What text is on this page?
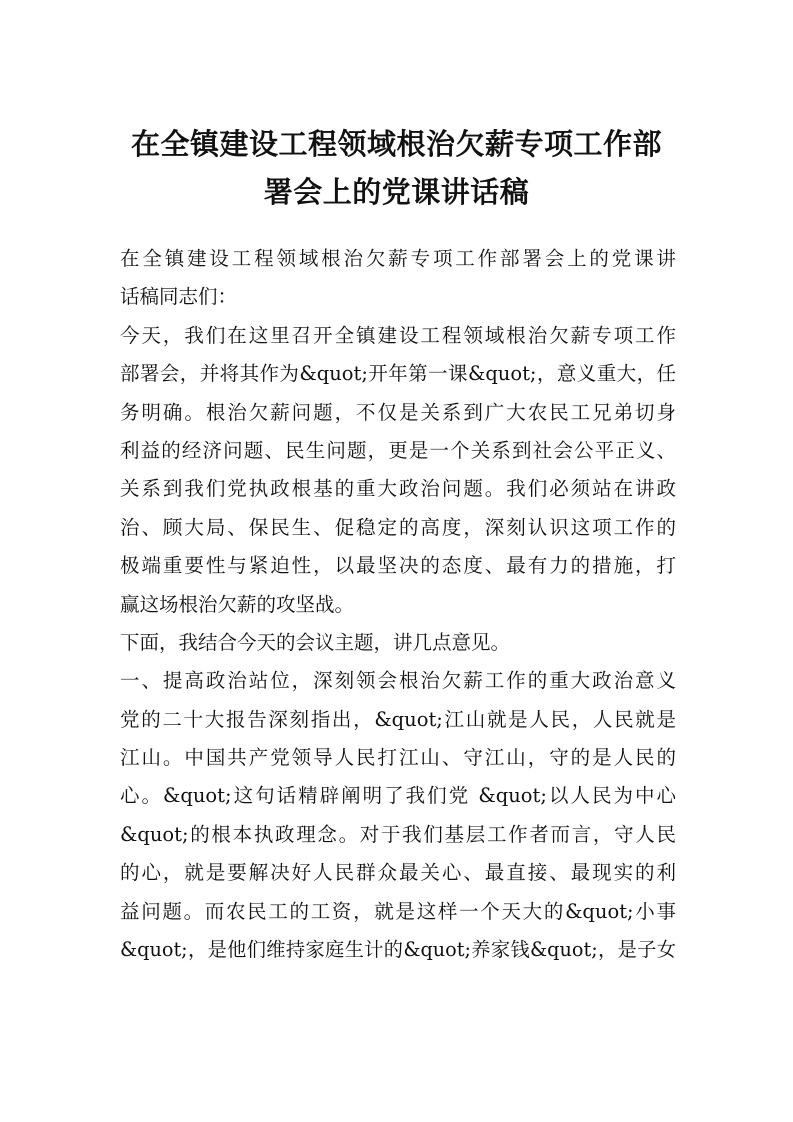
在全镇建设工程领域根治欠薪专项工作部
署会上的党课讲话稿
在全镇建设工程领域根治欠薪专项工作部署会上的党课讲
话稿同志们：
今天，我们在这里召开全镇建设工程领域根治欠薪专项工作
部署会，并将其作为&quot;开年第一课&quot;，意义重大，任
务明确。根治欠薪问题，不仅是关系到广大农民工兄弟切身
利益的经济问题、民生问题，更是一个关系到社会公平正义、
关系到我们党执政根基的重大政治问题。我们必须站在讲政
治、顾大局、保民生、促稳定的高度，深刻认识这项工作的
极端重要性与紧迫性，以最坚决的态度、最有力的措施，打
赢这场根治欠薪的攻坚战。
下面，我结合今天的会议主题，讲几点意见。
一、提高政治站位，深刻领会根治欠薪工作的重大政治意义
党的二十大报告深刻指出，&quot;江山就是人民，人民就是
江山。中国共产党领导人民打江山、守江山，守的是人民的
心。&quot;这句话精辟阐明了我们党 &quot;以人民为中心
&quot;的根本执政理念。对于我们基层工作者而言，守人民
的心，就是要解决好人民群众最关心、最直接、最现实的利
益问题。而农民工的工资，就是这样一个天大的&quot;小事
&quot;，是他们维持家庭生计的&quot;养家钱&quot;，是子女
